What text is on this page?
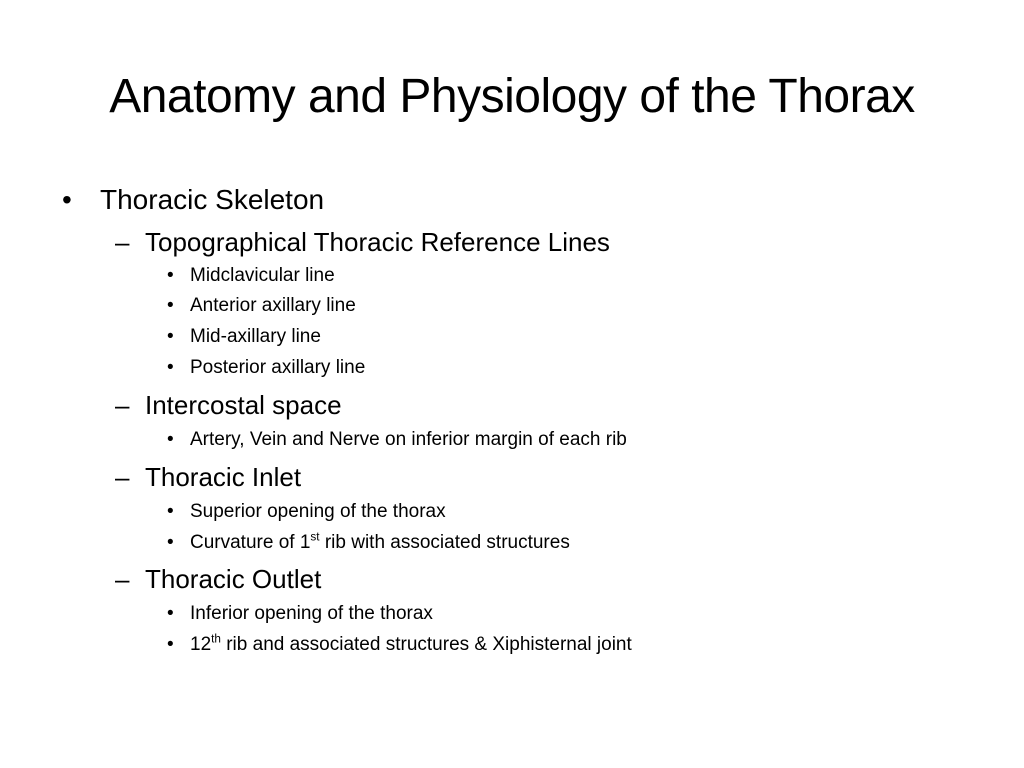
Anatomy and Physiology of the Thorax
• Thoracic Skeleton
– Topographical Thoracic Reference Lines
• Midclavicular line
• Anterior axillary line
• Mid-axillary line
• Posterior axillary line
– Intercostal space
• Artery, Vein and Nerve on inferior margin of each rib
– Thoracic Inlet
• Superior opening of the thorax
• Curvature of 1st rib with associated structures
– Thoracic Outlet
• Inferior opening of the thorax
• 12th rib and associated structures & Xiphisternal joint
